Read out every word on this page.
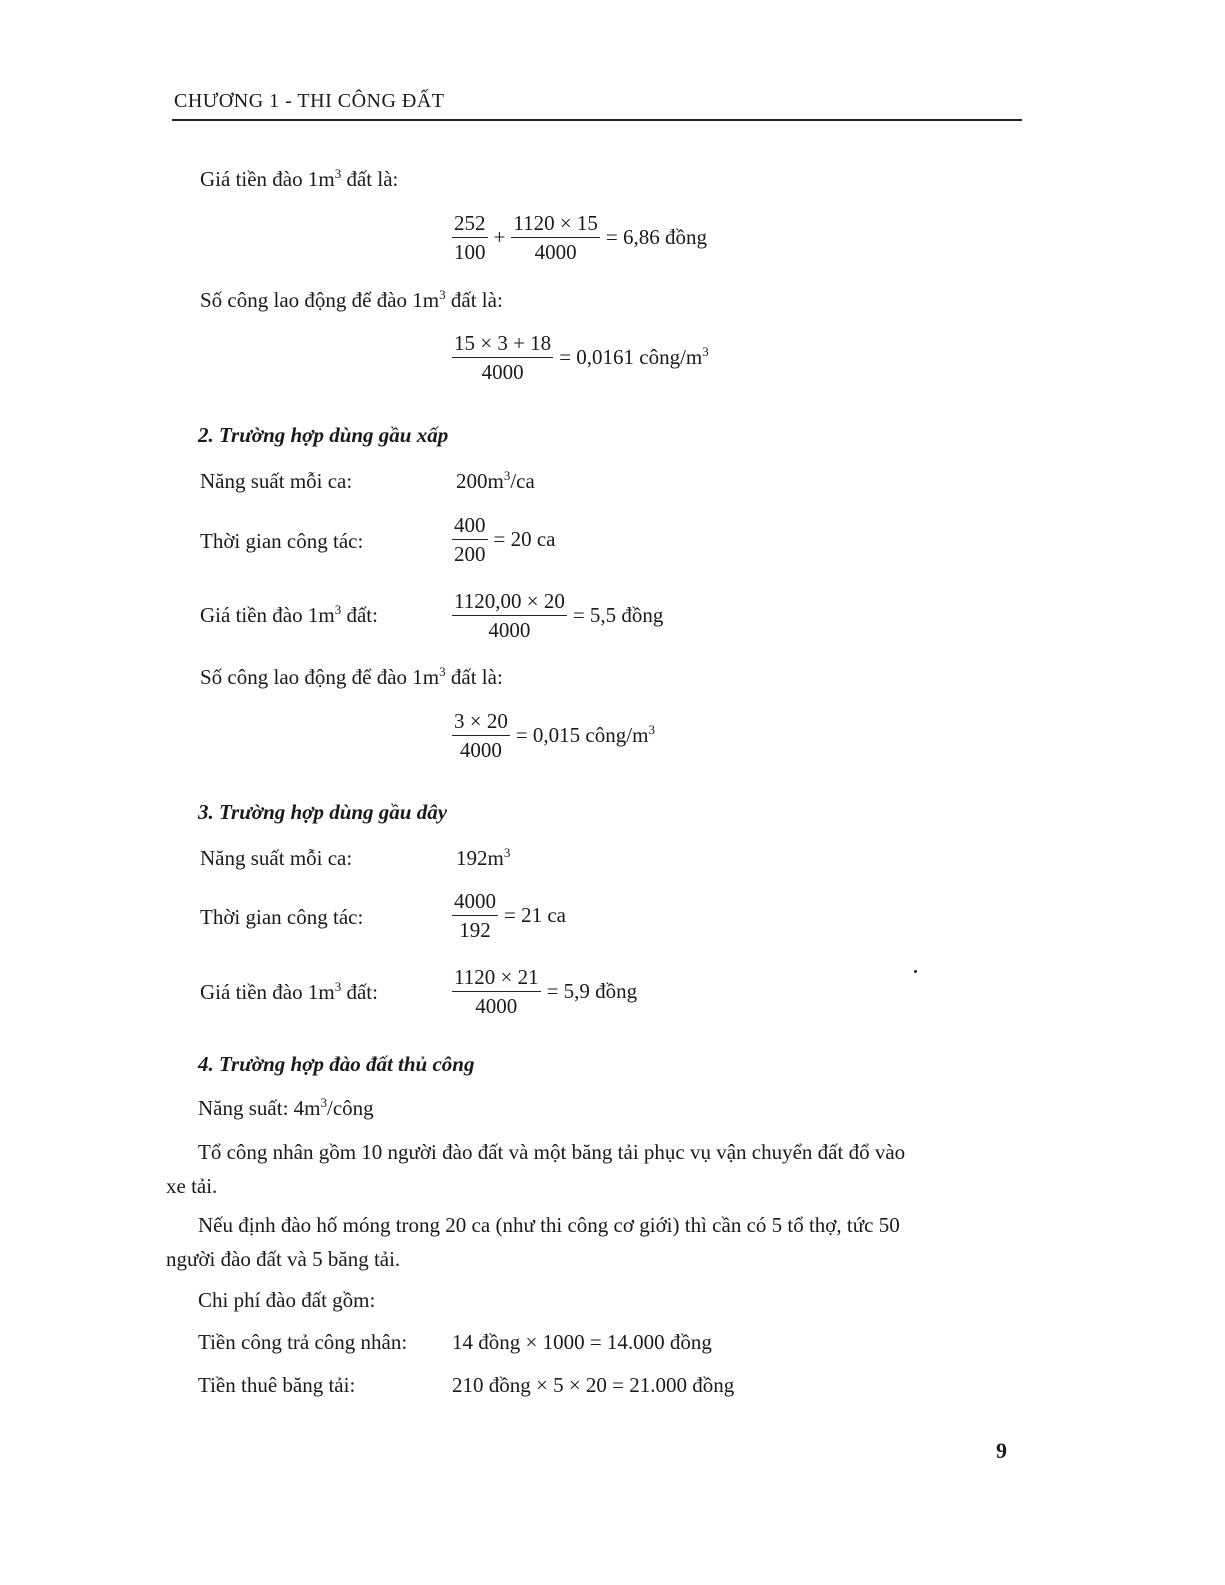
CHƯƠNG 1 - THI CÔNG ĐẤT
Giá tiền đào $1m^3$ đất là:
$\frac{252}{100} + \frac{1120 \times 15}{4000} = 6,86$ đồng
Số công lao động để đào $1m^3$ đất là:
$\frac{15 \times 3 + 18}{4000} = 0,0161$ công/$m^3$
2. Trường hợp dùng gầu xấp
Năng suất mỗi ca:	$200m^3/ca$
Thời gian công tác:	$\frac{400}{200} = 20$ ca
Giá tiền đào $1m^3$ đất:	$\frac{1120,00 \times 20}{4000} = 5,5$ đồng
Số công lao động để đào $1m^3$ đất là:
$\frac{3 \times 20}{4000} = 0,015$ công/$m^3$
3. Trường hợp dùng gầu dây
Năng suất mỗi ca:	$192m^3$
Thời gian công tác:	$\frac{4000}{192} = 21$ ca
Giá tiền đào $1m^3$ đất:	$\frac{1120 \times 21}{4000} = 5,9$ đồng
4. Trường hợp đào đất thủ công
Năng suất: $4m^3$/công
Tổ công nhân gồm 10 người đào đất và một băng tải phục vụ vận chuyển đất đổ vào
xe tải.
Nếu định đào hố móng trong 20 ca (như thi công cơ giới) thì cần có 5 tổ thợ, tức 50
người đào đất và 5 băng tải.
Chi phí đào đất gồm:
Tiền công trả công nhân: 14 đồng × 1000 = 14.000 đồng
Tiền thuê băng tải:	210 đồng × 5 × 20 = 21.000 đồng
9
